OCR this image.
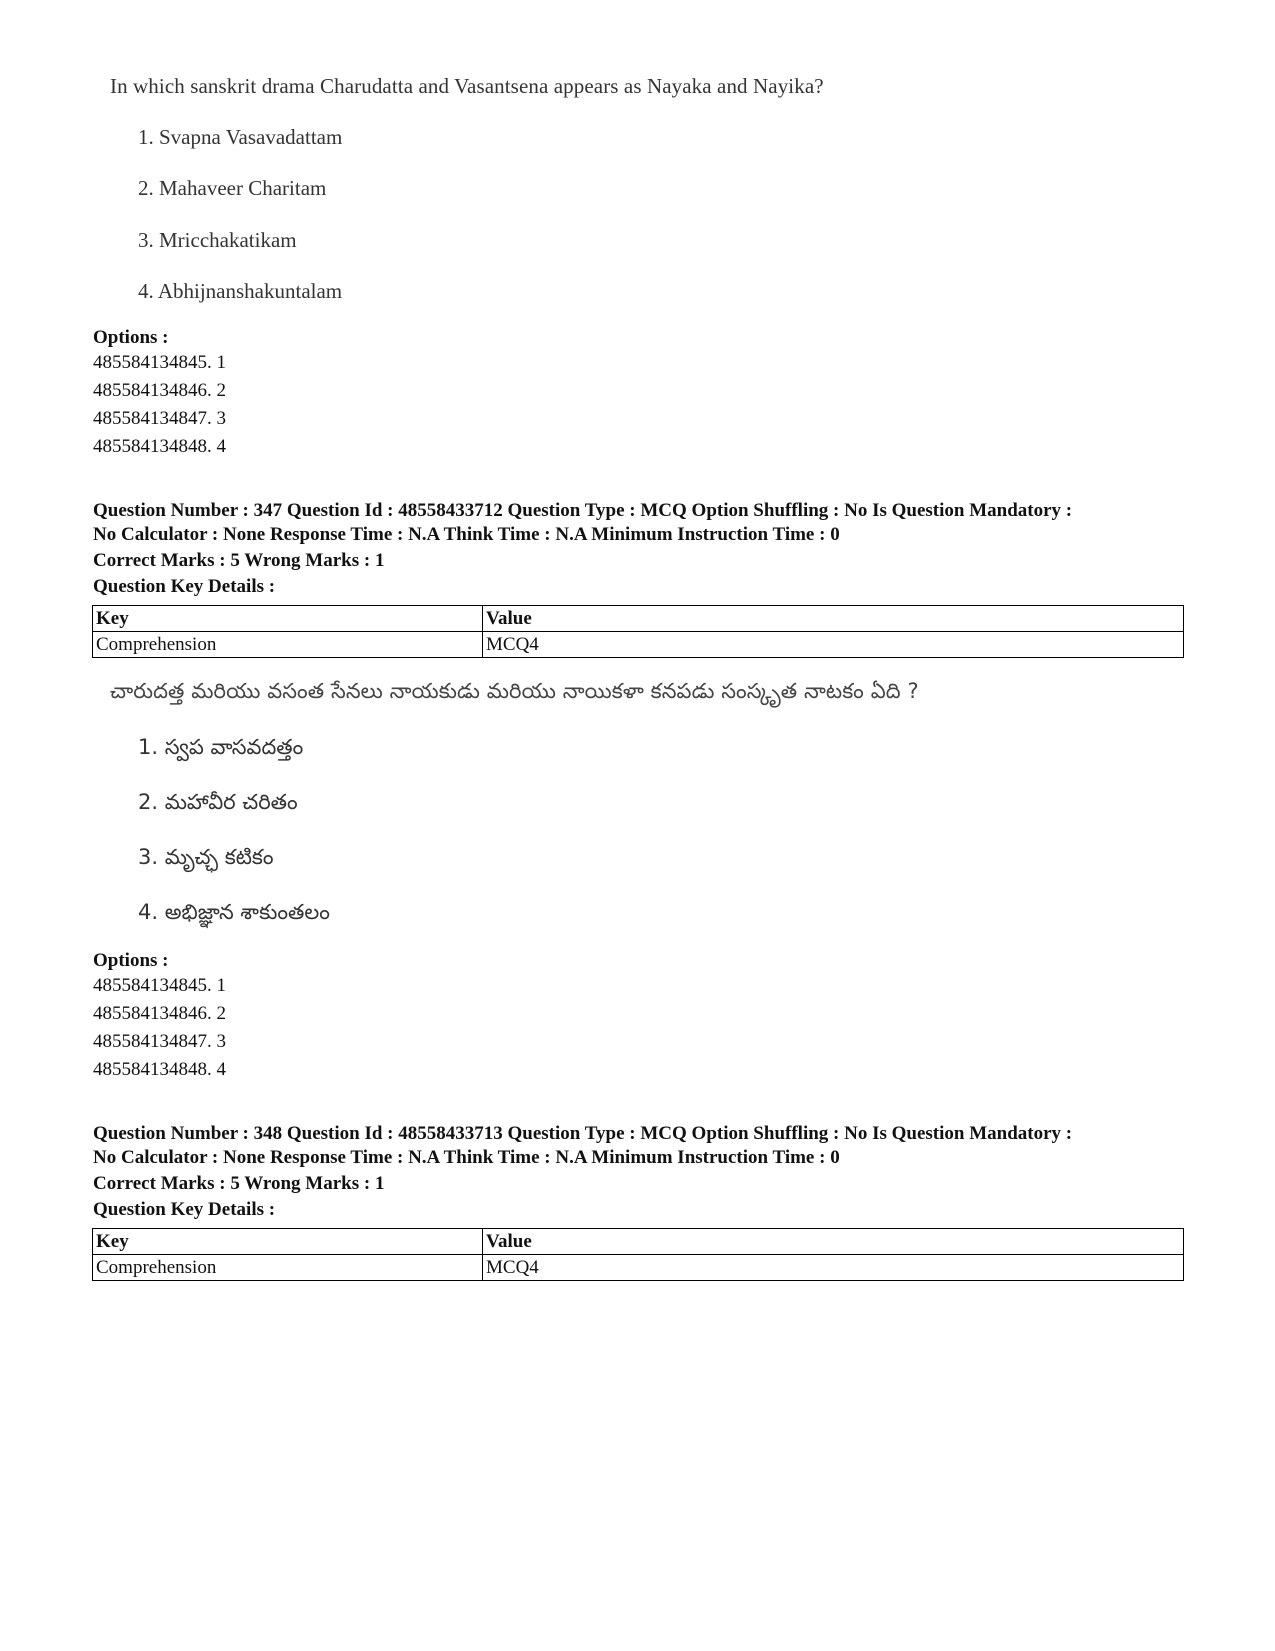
In which sanskrit drama Charudatta and Vasantsena appears as Nayaka and Nayika?
1. Svapna Vasavadattam
2. Mahaveer Charitam
3. Mricchakatikam
4. Abhijnanshakuntalam

Options :

485584134845. 1

485584134846. 2

485584134847. 3

485584134848. 4

Question Number : 347 Question Id : 48558433712 Question Type : MCQ Option Shuffling : No Is Question Mandatory :

No Calculator : None Response Time : N.A Think Time : N.A Minimum Instruction Time : 0

Correct Marks : 5 Wrong Marks : 1

Question Key Details :

Key	Value
Comprehension	MCQ4
చారుదత్త మరియు వసంత సేనలు నాయకుడు మరియు నాయికళా కనపడు సంస్కృత నాటకం ఏది ?
1. స్వప వాసవదత్తం
2. మహావీర చరితం
3. మృచ్ఛ కటికం
4. అభిజ్ఞాన శాకుంతలం

Options :

485584134845. 1

485584134846. 2

485584134847. 3

485584134848. 4

Question Number : 348 Question Id : 48558433713 Question Type : MCQ Option Shuffling : No Is Question Mandatory :

No Calculator : None Response Time : N.A Think Time : N.A Minimum Instruction Time : 0

Correct Marks : 5 Wrong Marks : 1

Question Key Details :

Key	Value
Comprehension	MCQ4
